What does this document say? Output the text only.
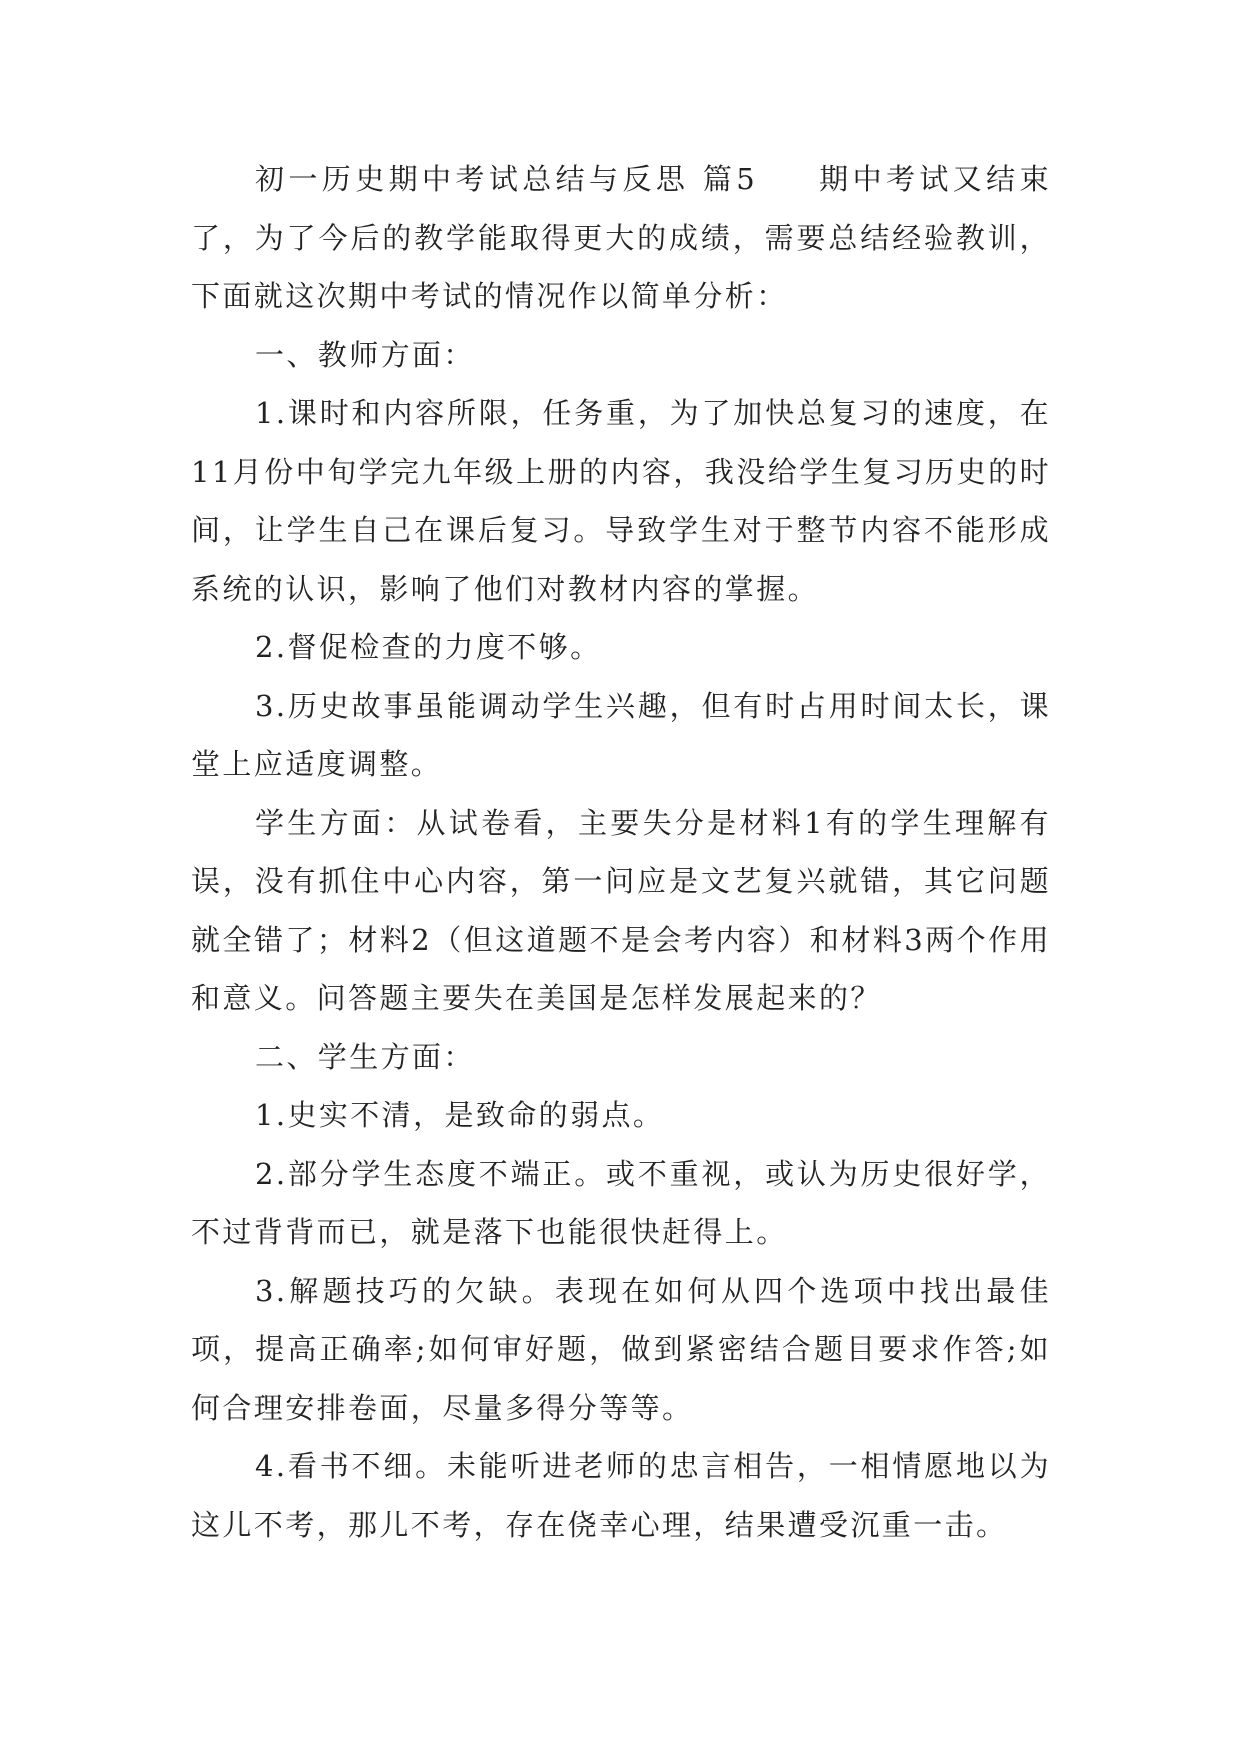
初一历史期中考试总结与反思 篇5 期中考试又结束了，为了今后的教学能取得更大的成绩，需要总结经验教训，下面就这次期中考试的情况作以简单分析：

一、教师方面：

1.课时和内容所限，任务重，为了加快总复习的速度，在11月份中旬学完九年级上册的内容，我没给学生复习历史的时间，让学生自己在课后复习。导致学生对于整节内容不能形成系统的认识，影响了他们对教材内容的掌握。

2.督促检查的力度不够。

3.历史故事虽能调动学生兴趣，但有时占用时间太长，课堂上应适度调整。

学生方面：从试卷看，主要失分是材料1有的学生理解有误，没有抓住中心内容，第一问应是文艺复兴就错，其它问题就全错了；材料2（但这道题不是会考内容）和材料3两个作用和意义。问答题主要失在美国是怎样发展起来的？

二、学生方面：

1.史实不清，是致命的弱点。

2.部分学生态度不端正。或不重视，或认为历史很好学，不过背背而已，就是落下也能很快赶得上。

3.解题技巧的欠缺。表现在如何从四个选项中找出最佳项，提高正确率;如何审好题，做到紧密结合题目要求作答;如何合理安排卷面，尽量多得分等等。

4.看书不细。未能听进老师的忠言相告，一相情愿地以为这儿不考，那儿不考，存在侥幸心理，结果遭受沉重一击。
